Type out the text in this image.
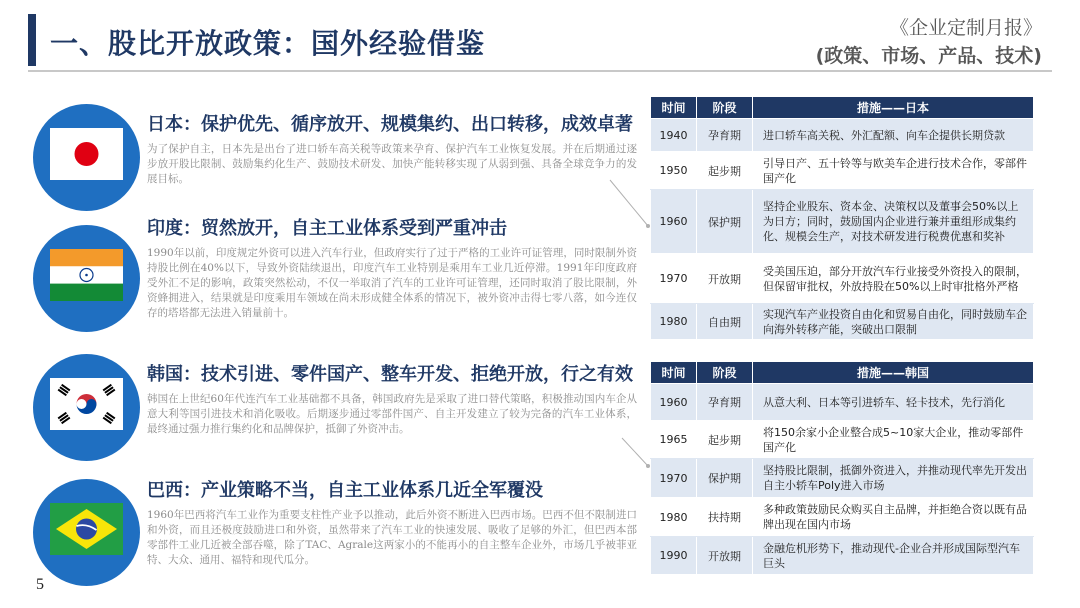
一、股比开放政策：国外经验借鉴	《企业定制月报》
(政策、市场、产品、技术)
日本：保护优先、循序放开、规模集约、出口转移，成效卓著
为了保护自主，日本先是出台了进口轿车高关税等政策来孕育、保护汽车工业恢复发展。并在后期通过逐步放开股比限制、鼓励集约化生产、鼓励技术研发、加快产能转移实现了从弱到强、具备全球竞争力的发展目标。
印度：贸然放开，自主工业体系受到严重冲击
1990年以前，印度规定外资可以进入汽车行业，但政府实行了过于严格的工业许可证管理，同时限制外资持股比例在40%以下，导致外资陆续退出，印度汽车工业特别是乘用车工业几近停滞。1991年印度政府受外汇不足的影响，政策突然松动，不仅一举取消了汽车的工业许可证管理，还同时取消了股比限制，外资蜂拥进入，结果就是印度乘用车领域在尚未形成健全体系的情况下，被外资冲击得七零八落，如今连仅存的塔塔都无法进入销量前十。
韩国：技术引进、零件国产、整车开发、拒绝开放，行之有效
韩国在上世纪60年代连汽车工业基础都不具备，韩国政府先是采取了进口替代策略，积极推动国内车企从意大利等国引进技术和消化吸收。后期逐步通过零部件国产、自主开发建立了较为完备的汽车工业体系，最终通过强力推行集约化和品牌保护，抵御了外资冲击。
巴西：产业策略不当，自主工业体系几近全军覆没
1960年巴西将汽车工业作为重要支柱性产业予以推动，此后外资不断进入巴西市场。巴西不但不限制进口和外资，而且还极度鼓励进口和外资，虽然带来了汽车工业的快速发展、吸收了足够的外汇，但巴西本部零部件工业几近被全部吞噬，除了TAC、Agrale这两家小的不能再小的自主整车企业外，市场几乎被菲亚特、大众、通用、福特和现代瓜分。
时间	阶段	措施——日本
1940	孕育期	进口轿车高关税、外汇配额、向车企提供长期贷款
1950	起步期	引导日产、五十铃等与欧美车企进行技术合作，零部件国产化
1960	保护期	坚持企业股东、资本金、决策权以及董事会50%以上为日方；同时，鼓励国内企业进行兼并重组形成集约化、规模会生产，对技术研发进行税费优惠和奖补
1970	开放期	受美国压迫，部分开放汽车行业接受外资投入的限制，但保留审批权，外放持股在50%以上时审批格外严格
1980	自由期	实现汽车产业投资自由化和贸易自由化，同时鼓励车企向海外转移产能，突破出口限制
时间	阶段	措施——韩国
1960	孕育期	从意大利、日本等引进轿车、轻卡技术，先行消化
1965	起步期	将150余家小企业整合成5~10家大企业，推动零部件国产化
1970	保护期	坚持股比限制，抵御外资进入，并推动现代率先开发出自主小轿车Poly进入市场
1980	扶持期	多种政策鼓励民众购买自主品牌，并拒绝合资以既有品牌出现在国内市场
1990	开放期	金融危机形势下，推动现代-企业合并形成国际型汽车巨头
5
